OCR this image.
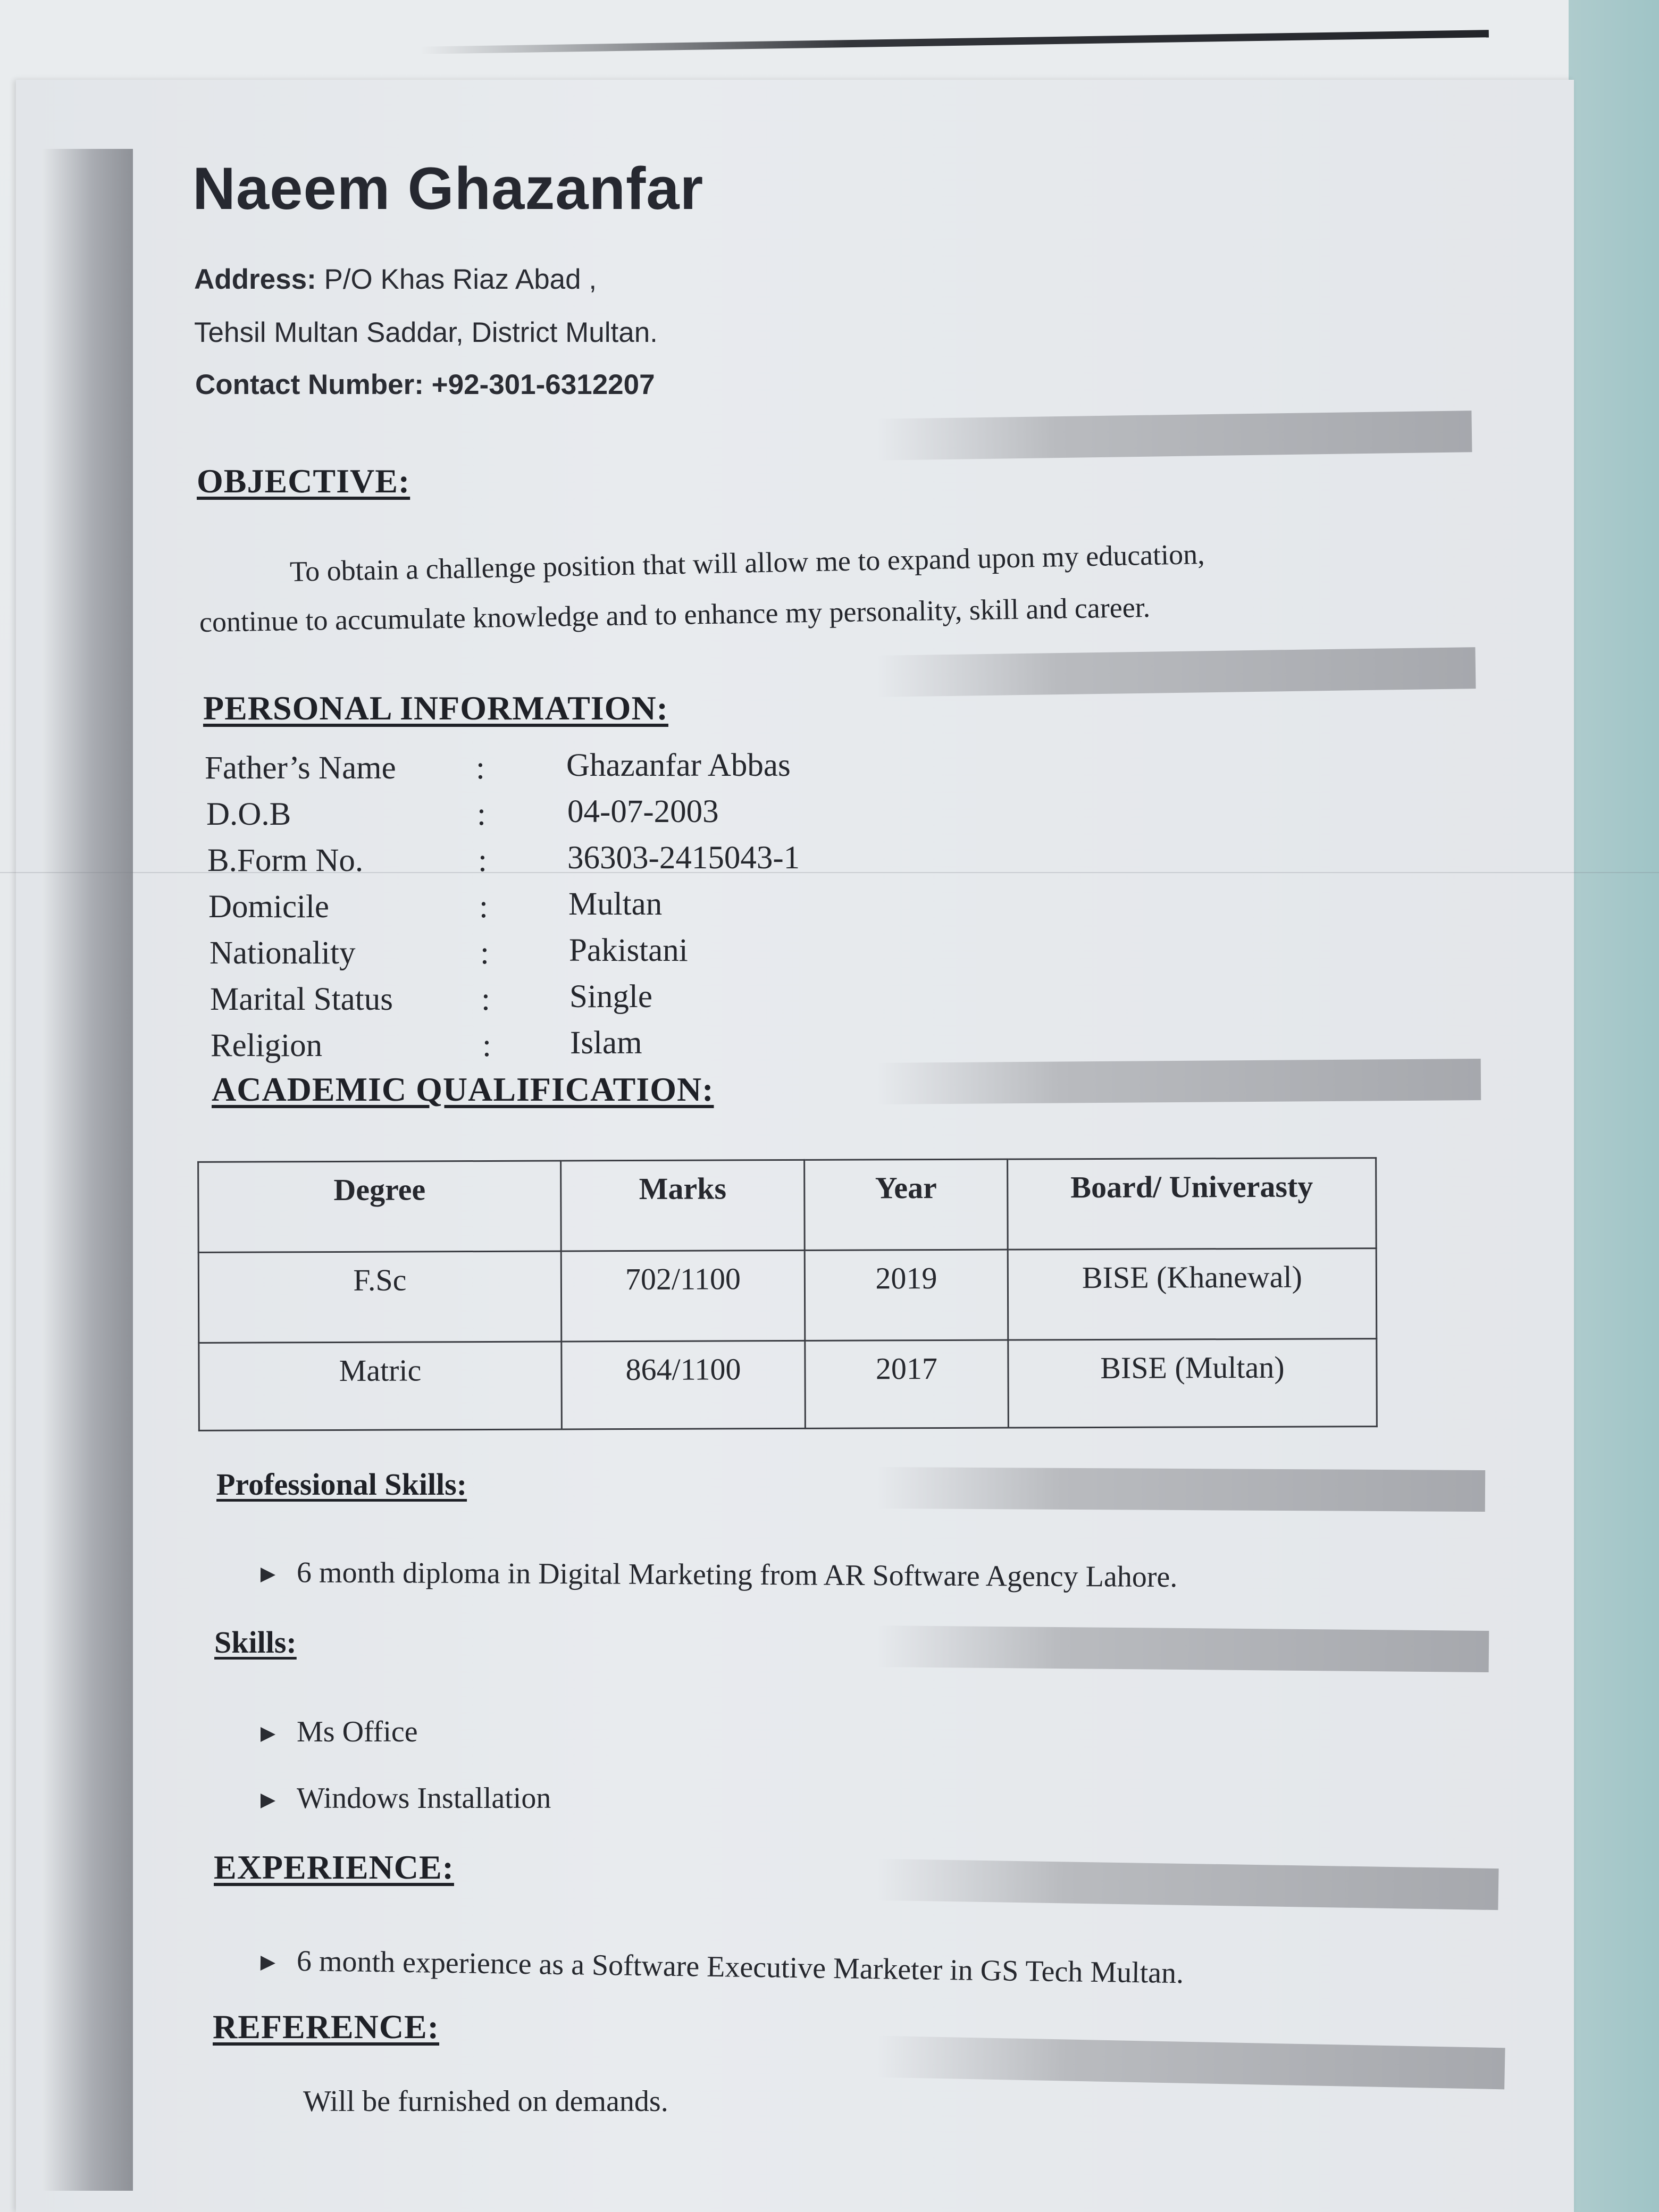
Naeem Ghazanfar
Address: P/O Khas Riaz Abad ,
Tehsil Multan Saddar, District Multan.
Contact Number: +92-301-6312207
OBJECTIVE:
To obtain a challenge position that will allow me to expand upon my education,
continue to accumulate knowledge and to enhance my personality, skill and career.
PERSONAL INFORMATION:
Father’s Name :	Ghazanfar Abbas
D.O.B	:	04-07-2003
B.Form No.	: 36303-2415043-1
Domicile	: Multan
Nationality	: Pakistani
Marital Status	: Single
Religion	: Islam
ACADEMIC QUALIFICATION:
Degree	Marks	Year	Board/ Univerasty
F.Sc	702/1100	2019	BISE (Khanewal)
Matric	864/1100	2017	BISE (Multan)
Professional Skills:
6 month diploma in Digital Marketing from AR Software Agency Lahore.
Skills:
Ms Office
Windows Installation
EXPERIENCE:
6 month experience as a Software Executive Marketer in GS Tech Multan.
REFERENCE:
Will be furnished on demands.
